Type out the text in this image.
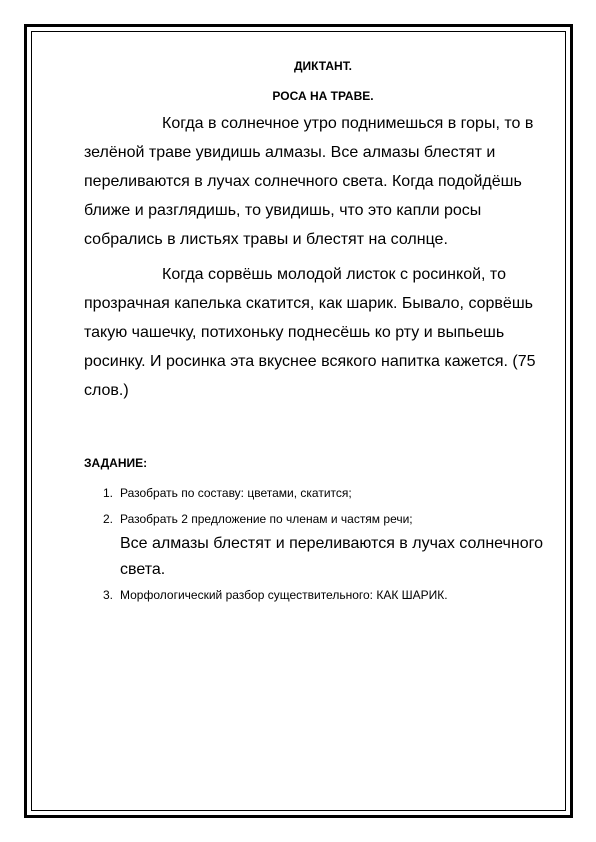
ДИКТАНТ.

РОСА НА ТРАВЕ.

Когда в солнечное утро поднимешься в горы, то в зелёной траве увидишь алмазы. Все алмазы блестят и переливаются в лучах солнечного света. Когда подойдёшь ближе и разглядишь, то увидишь, что это капли росы собрались в листьях травы и блестят на солнце.

Когда сорвёшь молодой листок с росинкой, то прозрачная капелька скатится, как шарик. Бывало, сорвёшь такую чашечку, потихоньку поднесёшь ко рту и выпьешь росинку. И росинка эта вкуснее всякого напитка кажется. (75 слов.)

ЗАДАНИЕ:

1. Разобрать по составу: цветами, скатится;
2. Разобрать 2 предложение по членам и частям речи;

Все алмазы блестят и переливаются в лучах солнечного света.

3. Морфологический разбор существительного: КАК ШАРИК.
